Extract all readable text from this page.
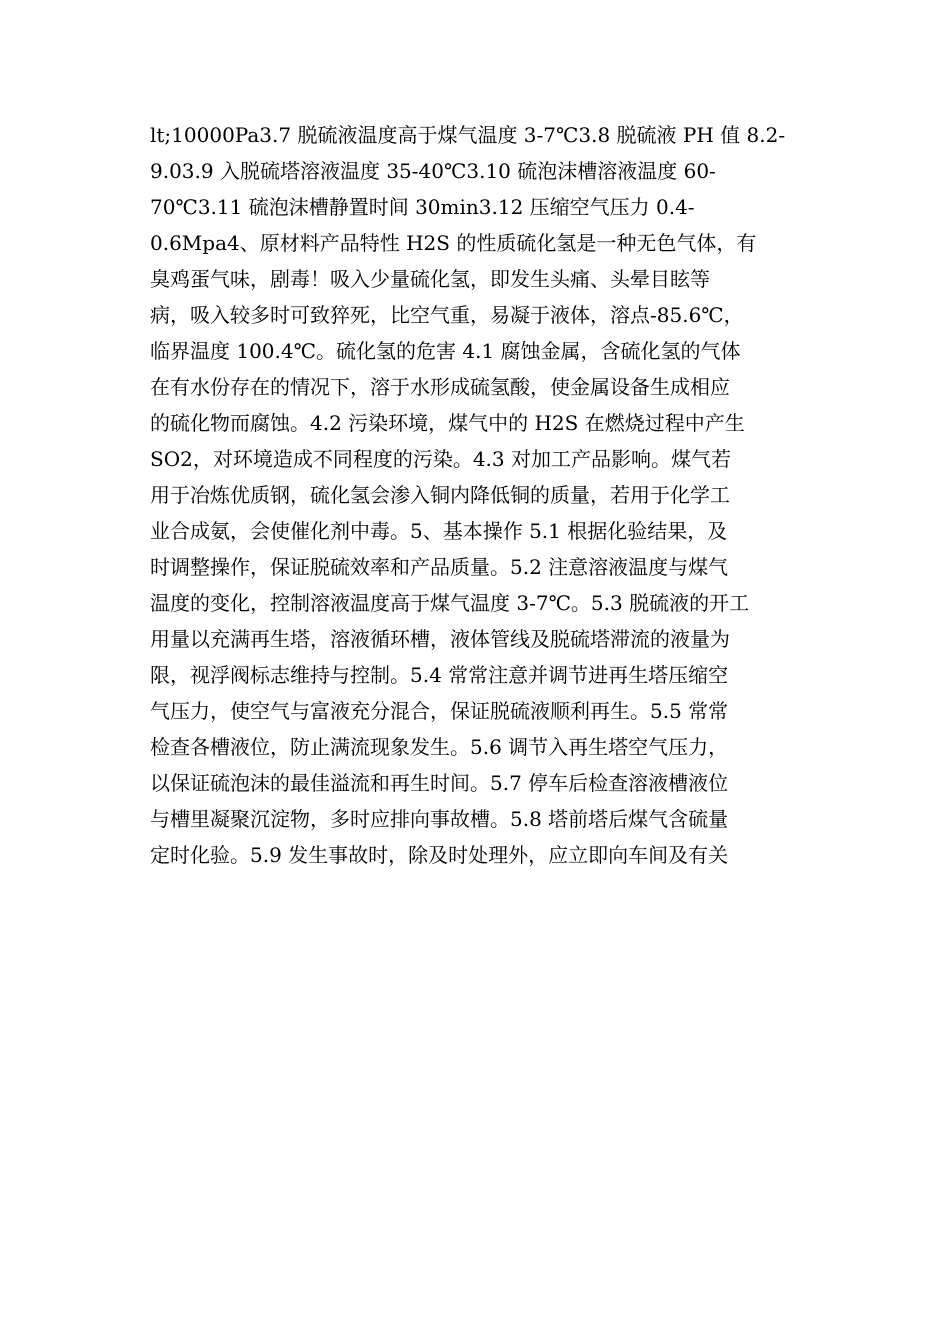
lt;10000Pa3.7 脱硫液温度高于煤气温度 3-7℃3.8 脱硫液 PH 值 8.2-
9.03.9 入脱硫塔溶液温度 35-40℃3.10 硫泡沫槽溶液温度 60-
70℃3.11 硫泡沫槽静置时间 30min3.12 压缩空气压力 0.4-
0.6Mpa4、原材料产品特性 H2S 的性质硫化氢是一种无色气体，有
臭鸡蛋气味，剧毒！吸入少量硫化氢，即发生头痛、头晕目眩等
病，吸入较多时可致猝死，比空气重，易凝于液体，溶点-85.6℃，
临界温度 100.4℃。硫化氢的危害 4.1 腐蚀金属，含硫化氢的气体
在有水份存在的情况下，溶于水形成硫氢酸，使金属设备生成相应
的硫化物而腐蚀。4.2 污染环境，煤气中的 H2S 在燃烧过程中产生
SO2，对环境造成不同程度的污染。4.3 对加工产品影响。煤气若
用于冶炼优质钢，硫化氢会渗入铜内降低铜的质量，若用于化学工
业合成氨，会使催化剂中毒。5、基本操作 5.1 根据化验结果，及
时调整操作，保证脱硫效率和产品质量。5.2 注意溶液温度与煤气
温度的变化，控制溶液温度高于煤气温度 3-7℃。5.3 脱硫液的开工
用量以充满再生塔，溶液循环槽，液体管线及脱硫塔滞流的液量为
限，视浮阀标志维持与控制。5.4 常常注意并调节进再生塔压缩空
气压力，使空气与富液充分混合，保证脱硫液顺利再生。5.5 常常
检查各槽液位，防止满流现象发生。5.6 调节入再生塔空气压力，
以保证硫泡沫的最佳溢流和再生时间。5.7 停车后检查溶液槽液位
与槽里凝聚沉淀物，多时应排向事故槽。5.8 塔前塔后煤气含硫量
定时化验。5.9 发生事故时，除及时处理外，应立即向车间及有关
